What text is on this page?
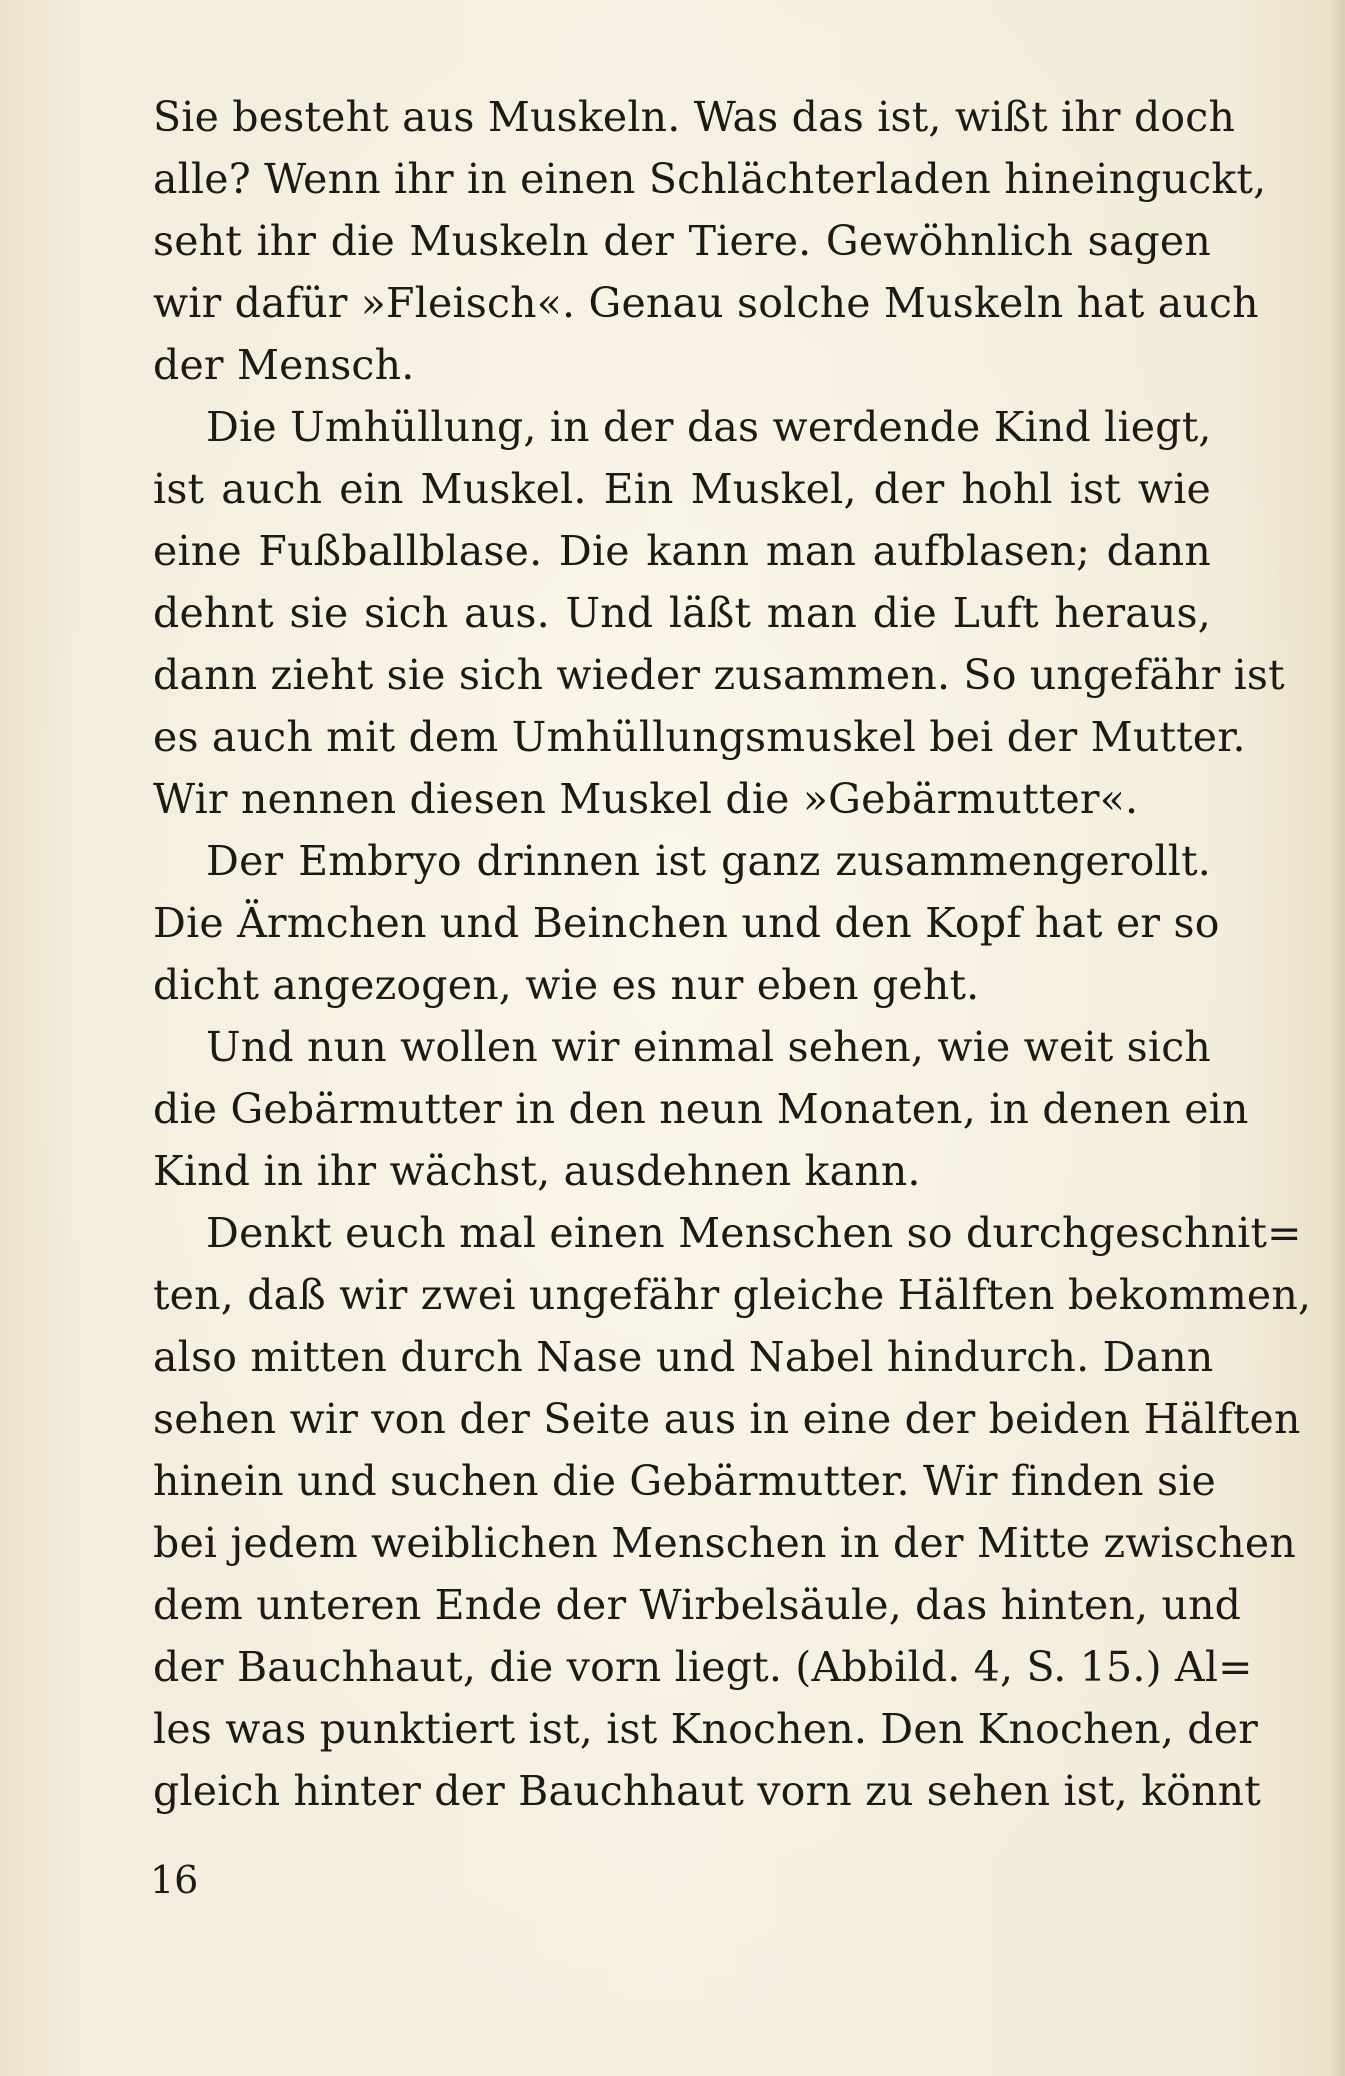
Sie besteht aus Muskeln. Was das ist, wißt ihr doch
alle? Wenn ihr in einen Schlächterladen hineinguckt,
seht ihr die Muskeln der Tiere. Gewöhnlich sagen
wir dafür »Fleisch«. Genau solche Muskeln hat auch
der Mensch.
Die Umhüllung, in der das werdende Kind liegt,
ist auch ein Muskel. Ein Muskel, der hohl ist wie
eine Fußballblase. Die kann man aufblasen; dann
dehnt sie sich aus. Und läßt man die Luft heraus,
dann zieht sie sich wieder zusammen. So ungefähr ist
es auch mit dem Umhüllungsmuskel bei der Mutter.
Wir nennen diesen Muskel die »Gebärmutter«.
Der Embryo drinnen ist ganz zusammengerollt.
Die Ärmchen und Beinchen und den Kopf hat er so
dicht angezogen, wie es nur eben geht.
Und nun wollen wir einmal sehen, wie weit sich
die Gebärmutter in den neun Monaten, in denen ein
Kind in ihr wächst, ausdehnen kann.
Denkt euch mal einen Menschen so durchgeschnit=
ten, daß wir zwei ungefähr gleiche Hälften bekommen,
also mitten durch Nase und Nabel hindurch. Dann
sehen wir von der Seite aus in eine der beiden Hälften
hinein und suchen die Gebärmutter. Wir finden sie
bei jedem weiblichen Menschen in der Mitte zwischen
dem unteren Ende der Wirbelsäule, das hinten, und
der Bauchhaut, die vorn liegt. (Abbild. 4, S. 15.) Al=
les was punktiert ist, ist Knochen. Den Knochen, der
gleich hinter der Bauchhaut vorn zu sehen ist, könnt
16
